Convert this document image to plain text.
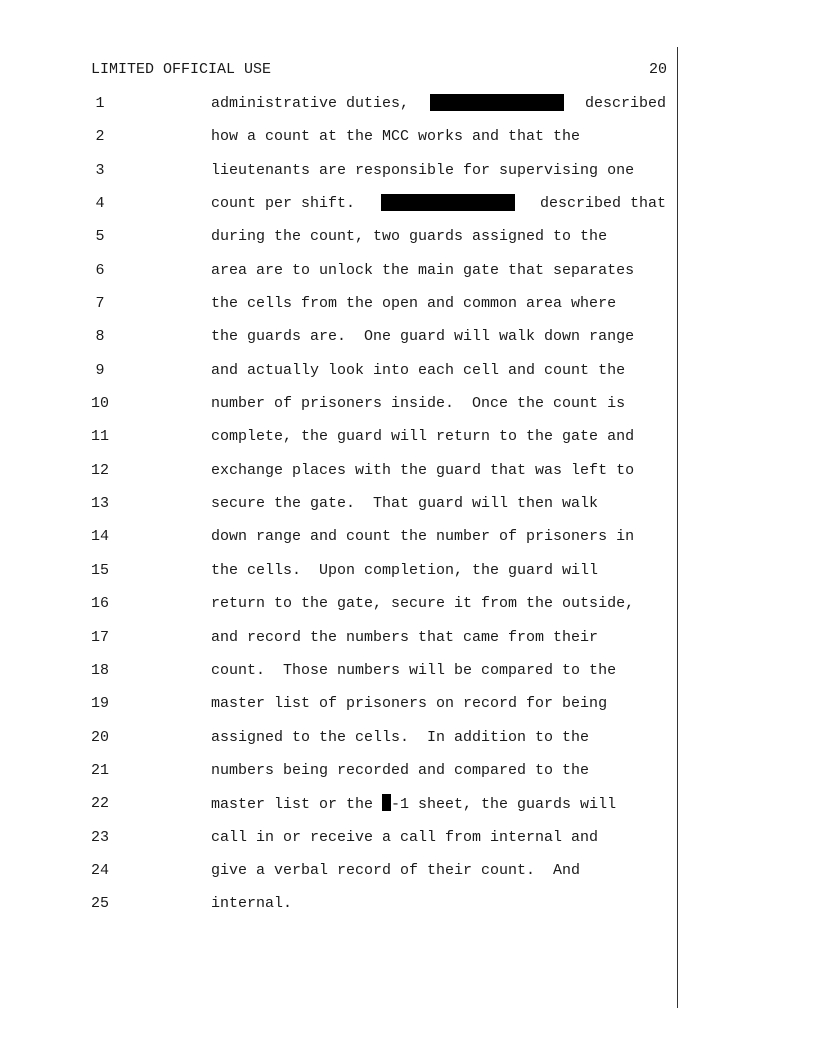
LIMITED OFFICIAL USE	20
1	administrative duties,	described
2	how a count at the MCC works and that the
3	lieutenants are responsible for supervising one
4	count per shift.	described that
5	during the count, two guards assigned to the
6	area are to unlock the main gate that separates
7	the cells from the open and common area where
8	the guards are.  One guard will walk down range
9	and actually look into each cell and count the
10	number of prisoners inside.  Once the count is
11	complete, the guard will return to the gate and
12	exchange places with the guard that was left to
13	secure the gate.  That guard will then walk
14	down range and count the number of prisoners in
15	the cells.  Upon completion, the guard will
16	return to the gate, secure it from the outside,
17	and record the numbers that came from their
18	count.  Those numbers will be compared to the
19	master list of prisoners on record for being
20	assigned to the cells.  In addition to the
21	numbers being recorded and compared to the
22	master list or the -1 sheet, the guards will
23	call in or receive a call from internal and
24	give a verbal record of their count.  And
25	internal.
